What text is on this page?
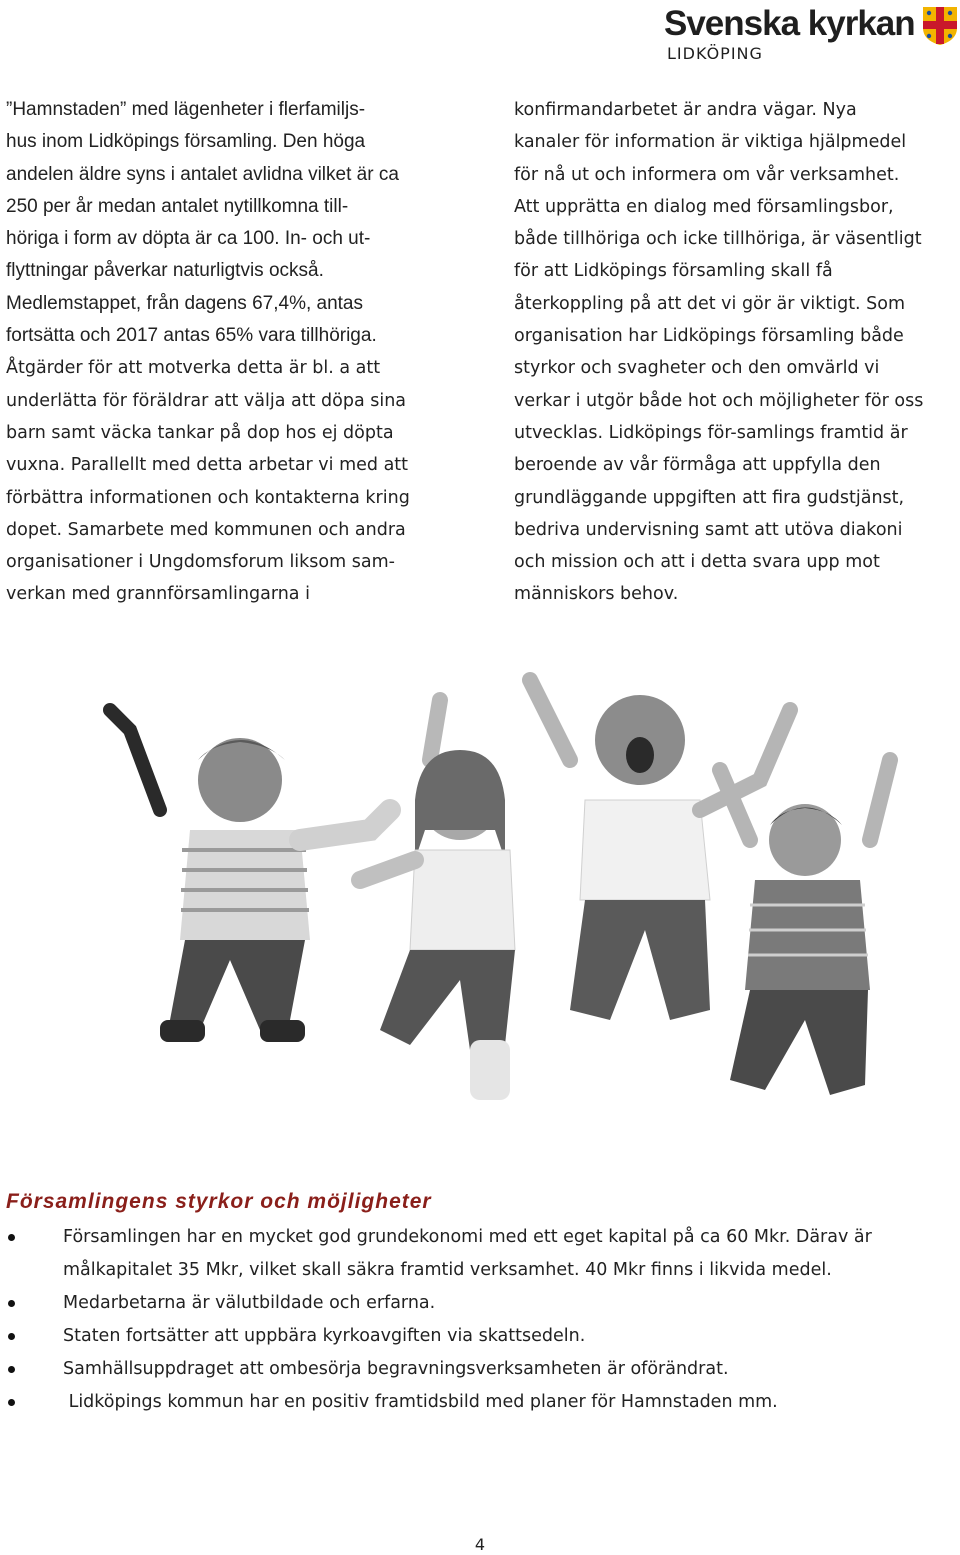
Svenska kyrkan
LIDKÖPING

”Hamnstaden” med lägenheter i flerfamiljs-

hus inom Lidköpings församling. Den höga

andelen äldre syns i antalet avlidna vilket är ca

250 per år medan antalet nytillkomna till-

höriga i form av döpta är ca 100. In- och ut-

flyttningar påverkar naturligtvis också.

Medlemstappet, från dagens 67,4%, antas

fortsätta och 2017 antas 65% vara tillhöriga.

Åtgärder för att motverka detta är bl. a att

underlätta för föräldrar att välja att döpa sina

barn samt väcka tankar på dop hos ej döpta

vuxna. Parallellt med detta arbetar vi med att

förbättra informationen och kontakterna kring

dopet. Samarbete med kommunen och andra

organisationer i Ungdomsforum liksom sam-

verkan med grannförsamlingarna i

konfirmandarbetet är andra vägar. Nya

kanaler för information är viktiga hjälpmedel

för nå ut och informera om vår verksamhet.

Att upprätta en dialog med församlingsbor,

både tillhöriga och icke tillhöriga, är väsentligt

för att Lidköpings församling skall få

återkoppling på att det vi gör är viktigt. Som

organisation har Lidköpings församling både

styrkor och svagheter och den omvärld vi

verkar i utgör både hot och möjligheter för oss

utvecklas. Lidköpings för-samlings framtid är

beroende av vår förmåga att uppfylla den

grundläggande uppgiften att fira gudstjänst,

bedriva undervisning samt att utöva diakoni

och mission och att i detta svara upp mot

människors behov.

Församlingens styrkor och möjligheter
Församlingen har en mycket god grundekonomi med ett eget kapital på ca 60 Mkr. Därav är målkapitalet 35 Mkr, vilket skall säkra framtid verksamhet. 40 Mkr finns i likvida medel.
Medarbetarna är välutbildade och erfarna.
Staten fortsätter att uppbära kyrkoavgiften via skattsedeln.
Samhällsuppdraget att ombesörja begravningsverksamheten är oförändrat.
Lidköpings kommun har en positiv framtidsbild med planer för Hamnstaden mm.
4
